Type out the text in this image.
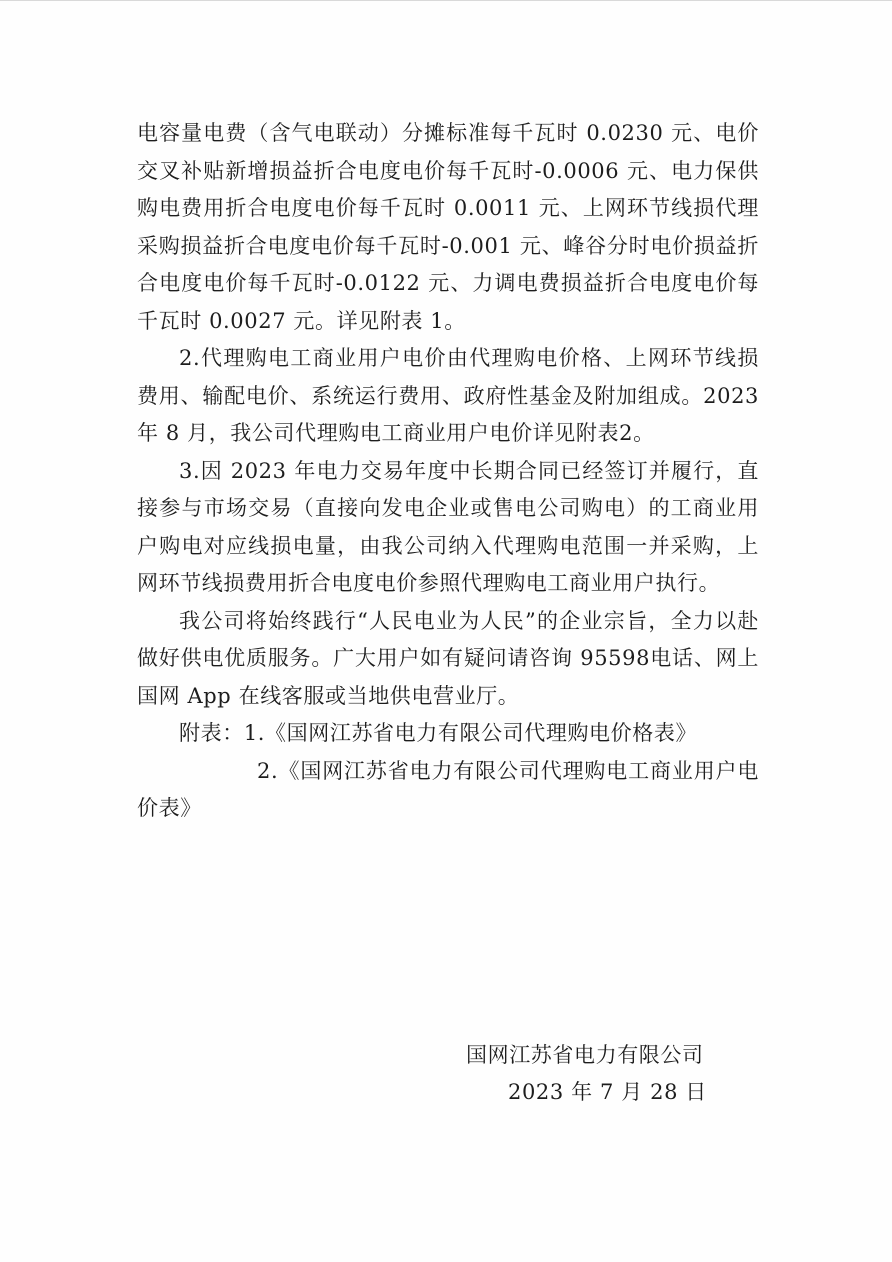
电容量电费（含气电联动）分摊标准每千瓦时 0.0230 元、电价交叉补贴新增损益折合电度电价每千瓦时-0.0006 元、电力保供购电费用折合电度电价每千瓦时 0.0011 元、上网环节线损代理采购损益折合电度电价每千瓦时-0.001 元、峰谷分时电价损益折合电度电价每千瓦时-0.0122 元、力调电费损益折合电度电价每千瓦时 0.0027 元。详见附表 1。

2.代理购电工商业用户电价由代理购电价格、上网环节线损费用、输配电价、系统运行费用、政府性基金及附加组成。2023 年 8 月，我公司代理购电工商业用户电价详见附表2。

3.因 2023 年电力交易年度中长期合同已经签订并履行，直接参与市场交易（直接向发电企业或售电公司购电）的工商业用户购电对应线损电量，由我公司纳入代理购电范围一并采购，上网环节线损费用折合电度电价参照代理购电工商业用户执行。

我公司将始终践行“人民电业为人民”的企业宗旨，全力以赴做好供电优质服务。广大用户如有疑问请咨询 95598电话、网上国网 App 在线客服或当地供电营业厅。

附表：1.《国网江苏省电力有限公司代理购电价格表》
2.《国网江苏省电力有限公司代理购电工商业用户电价表》
国网江苏省电力有限公司
2023 年 7 月 28 日
